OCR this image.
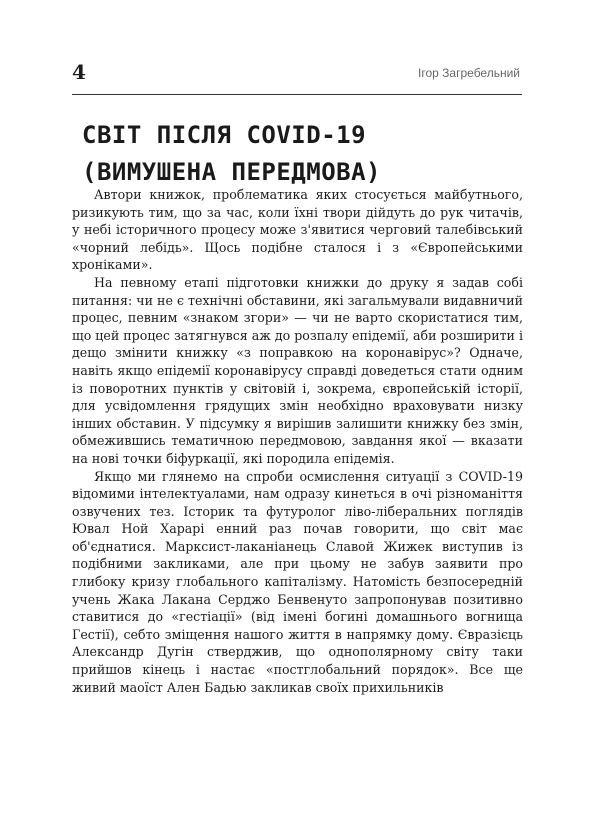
4	Ігор Загребельний
СВІТ ПІСЛЯ COVID-19
(ВИМУШЕНА ПЕРЕДМОВА)

Автори книжок, проблематика яких стосується майбутнього, ризикують тим, що за час, коли їхні твори дійдуть до рук читачів, у небі історичного процесу може з'явитися черговий талебівський «чорний лебідь». Щось подібне сталося і з «Європейськими хроніками».

На певному етапі підготовки книжки до друку я задав собі питання: чи не є технічні обставини, які загальмували видавничий процес, певним «знаком згори» — чи не варто скористатися тим, що цей процес затягнувся аж до розпалу епідемії, аби розширити і дещо змінити книжку «з поправкою на коронавірус»? Одначе, навіть якщо епідемії коронавірусу справді доведеться стати одним із поворотних пунктів у світовій і, зокрема, європейській історії, для усвідомлення грядущих змін необхідно враховувати низку інших обставин. У підсумку я вирішив залишити книжку без змін, обмежившись тематичною передмовою, завдання якої — вказати на нові точки біфуркації, які породила епідемія.

Якщо ми глянемо на спроби осмислення ситуації з COVID-19 відомими інтелектуалами, нам одразу кинеться в очі різноманіття озвучених тез. Історик та футуролог ліво-ліберальних поглядів Ювал Ной Харарі енний раз почав говорити, що світ має об'єднатися. Марксист-лаканіанець Славой Жижек виступив із подібними закликами, але при цьому не забув заявити про глибоку кризу глобального капіталізму. Натомість безпосередній учень Жака Лакана Серджо Бенвенуто запропонував позитивно ставитися до «гестіації» (від імені богині домашнього вогнища Гестії), себто зміщення нашого життя в напрямку дому. Євразієць Александр Дугін стверджив, що однополярному світу таки прийшов кінець і настає «постглобальний порядок». Все ще живий маоїст Ален Бадью закликав своїх прихильників
